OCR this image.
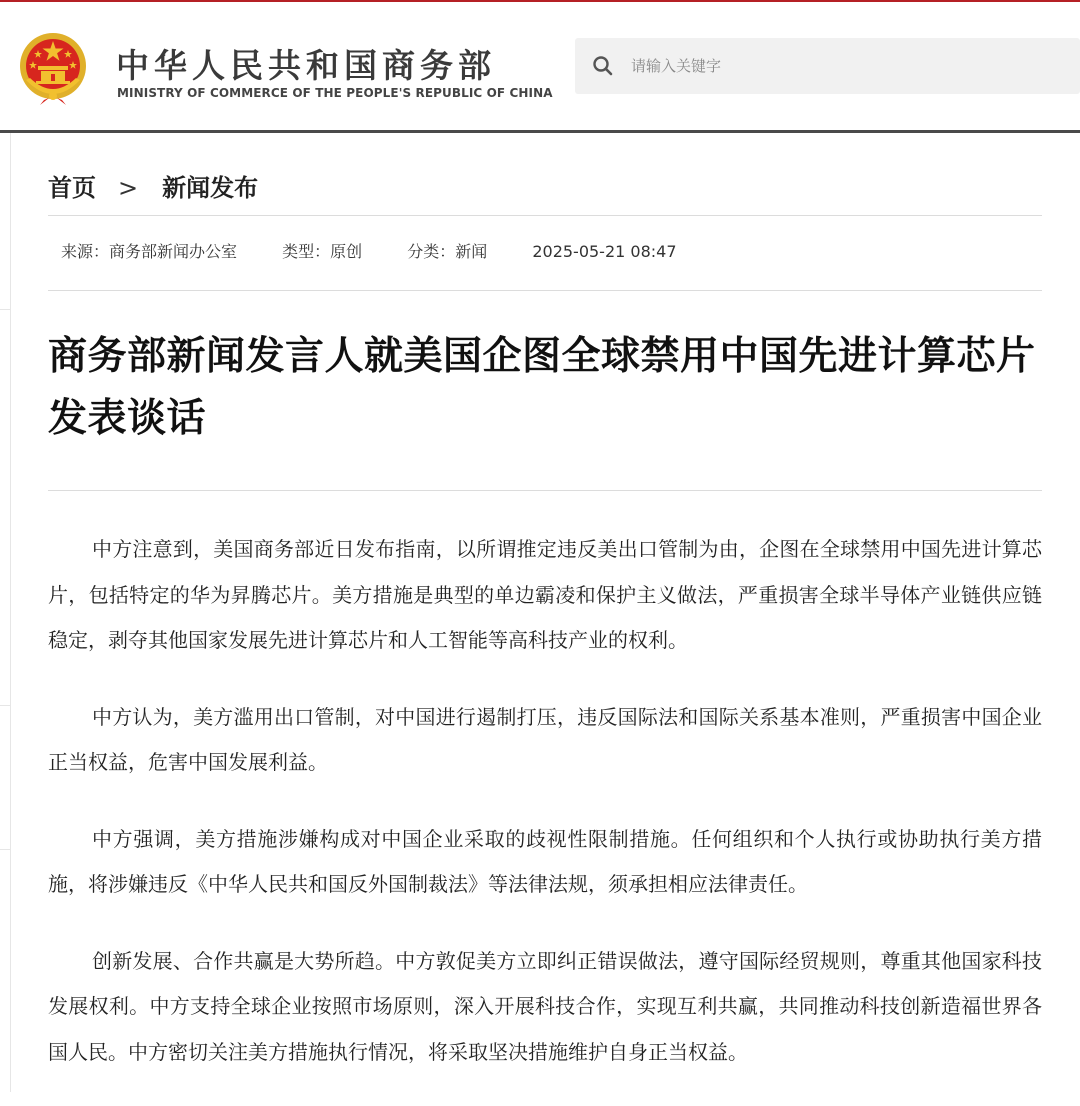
中华人民共和国商务部
MINISTRY OF COMMERCE OF THE PEOPLE'S REPUBLIC OF CHINA
请输入关键字
首页 > 新闻发布
来源：商务部新闻办公室	类型：原创	分类：新闻	2025-05-21 08:47
商务部新闻发言人就美国企图全球禁用中国先进计算芯片发表谈话

中方注意到，美国商务部近日发布指南，以所谓推定违反美出口管制为由，企图在全球禁用中国先进计算芯片，包括特定的华为昇腾芯片。美方措施是典型的单边霸凌和保护主义做法，严重损害全球半导体产业链供应链稳定，剥夺其他国家发展先进计算芯片和人工智能等高科技产业的权利。

中方认为，美方滥用出口管制，对中国进行遏制打压，违反国际法和国际关系基本准则，严重损害中国企业正当权益，危害中国发展利益。

中方强调，美方措施涉嫌构成对中国企业采取的歧视性限制措施。任何组织和个人执行或协助执行美方措施，将涉嫌违反《中华人民共和国反外国制裁法》等法律法规，须承担相应法律责任。

创新发展、合作共赢是大势所趋。中方敦促美方立即纠正错误做法，遵守国际经贸规则，尊重其他国家科技发展权利。中方支持全球企业按照市场原则，深入开展科技合作，实现互利共赢，共同推动科技创新造福世界各国人民。中方密切关注美方措施执行情况，将采取坚决措施维护自身正当权益。
